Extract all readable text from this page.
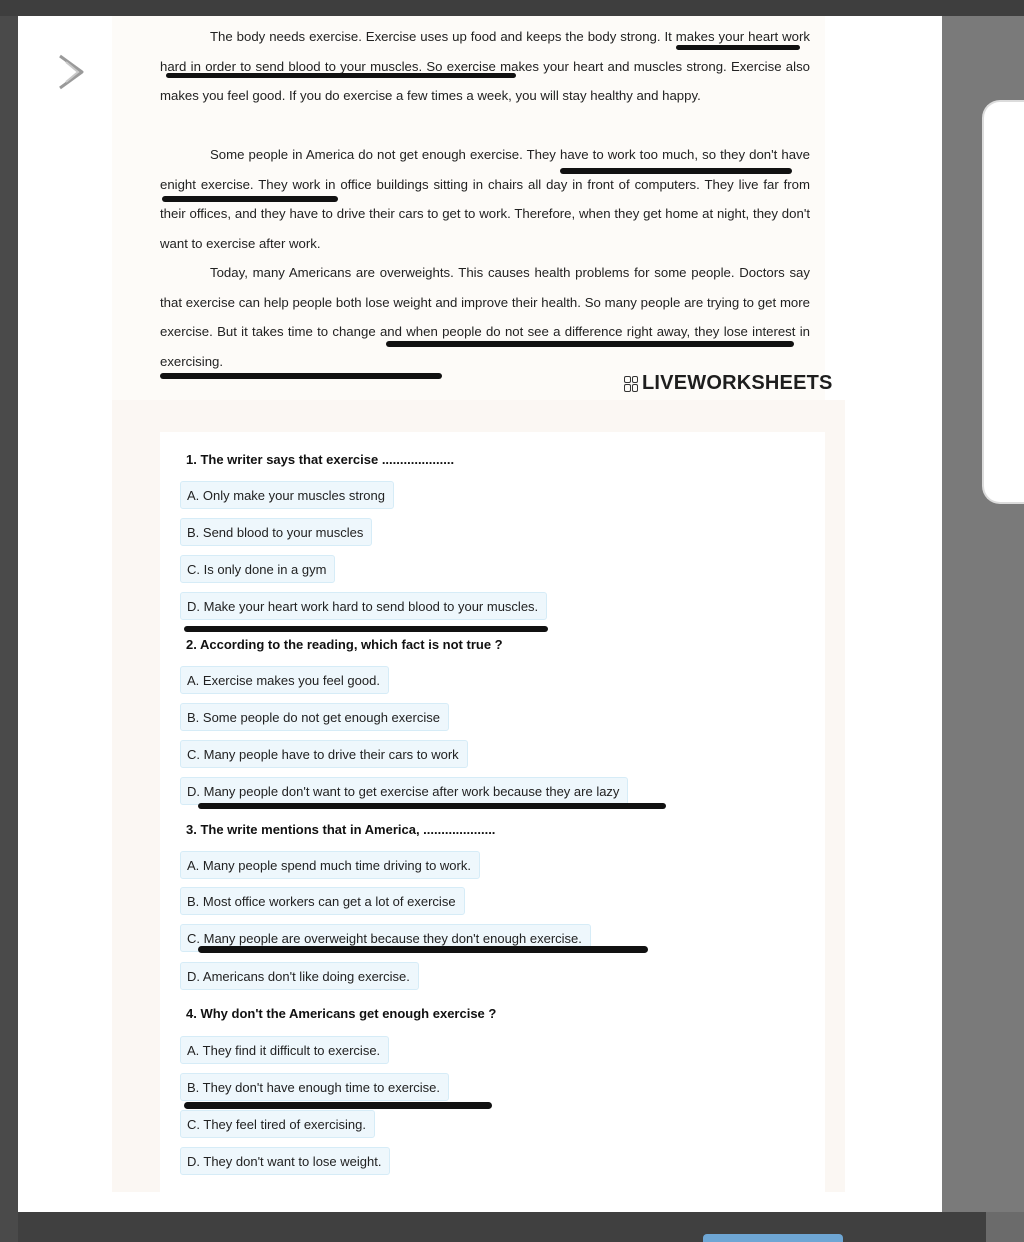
The body needs exercise. Exercise uses up food and keeps the body strong. It makes your heart work hard in order to send blood to your muscles. So exercise makes your heart and muscles strong. Exercise also makes you feel good. If you do exercise a few times a week, you will stay healthy and happy.
Some people in America do not get enough exercise. They have to work too much, so they don't have enight exercise. They work in office buildings sitting in chairs all day in front of computers. They live far from their offices, and they have to drive their cars to get to work. Therefore, when they get home at night, they don't want to exercise after work.
Today, many Americans are overweights. This causes health problems for some people. Doctors say that exercise can help people both lose weight and improve their health. So many people are trying to get more exercise. But it takes time to change and when people do not see a difference right away, they lose interest in exercising.
LIVEWORKSHEETS
1. The writer says that exercise ....................
A. Only make your muscles strong
B. Send blood to your muscles
C. Is only done in a gym
D. Make your heart work hard to send blood to your muscles.
2. According to the reading, which fact is not true ?
A. Exercise makes you feel good.
B. Some people do not get enough exercise
C. Many people have to drive their cars to work
D. Many people don't want to get exercise after work because they are lazy
3. The write mentions that in America, ....................
A. Many people spend much time driving to work.
B. Most office workers can get a lot of exercise
C. Many people are overweight because they don't enough exercise.
D. Americans don't like doing exercise.
4. Why don't the Americans get enough exercise ?
A. They find it difficult to exercise.
B. They don't have enough time to exercise.
C. They feel tired of exercising.
D. They don't want to lose weight.
